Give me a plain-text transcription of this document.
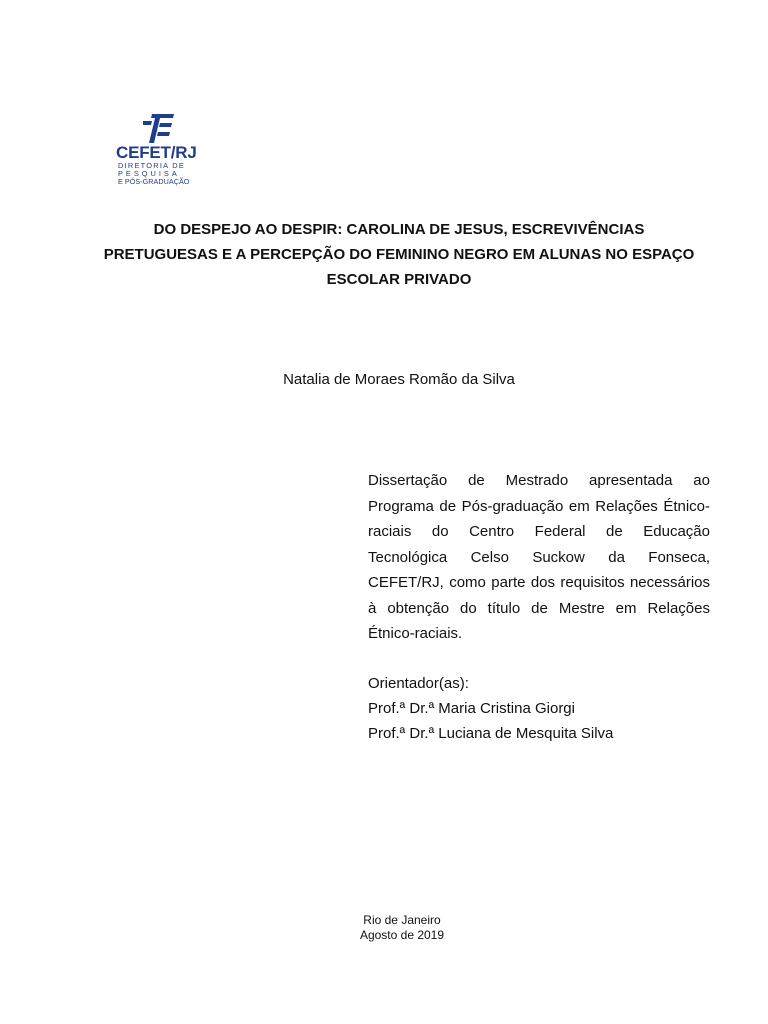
CEFET/RJ
DIRETORIA DE
PESQUISA
E PÓS-GRADUAÇÃO
DO DESPEJO AO DESPIR: CAROLINA DE JESUS, ESCREVIVÊNCIAS PRETUGUESAS E A PERCEPÇÃO DO FEMININO NEGRO EM ALUNAS NO ESPAÇO ESCOLAR PRIVADO

Natalia de Moraes Romão da Silva

Dissertação de Mestrado apresentada ao Programa de Pós-graduação em Relações Étnico-raciais do Centro Federal de Educação Tecnológica Celso Suckow da Fonseca, CEFET/RJ, como parte dos requisitos necessários à obtenção do título de Mestre em Relações Étnico-raciais.

Orientador(as):
Prof.ª Dr.ª Maria Cristina Giorgi
Prof.ª Dr.ª Luciana de Mesquita Silva
Rio de Janeiro
Agosto de 2019
